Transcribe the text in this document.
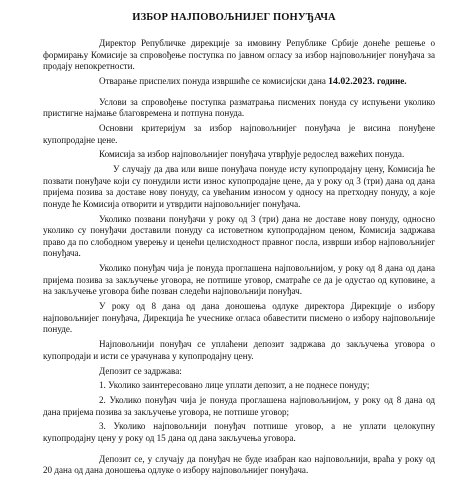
ИЗБОР НАЈПОВОЉНИЈЕГ ПОНУЂАЧА

Директор Републичке дирекције за имовину Републике Србије донеће решење о формирању Комисије за спровођење поступка по јавном огласу за избор најповољнијег понуђача за продају непокретности.

Отварање приспелих понуда извршиће се комисијски дана 14.02.2023. године.

Услови за спровођење поступка разматрања писмених понуда су испуњени уколико пристигне најмање благовремена и потпуна понуда.

Основни критеријум за избор најповољнијег понуђача је висина понуђене купопродајне цене.

Комисија за избор најповољнијег понуђача утврђује редослед важећих понуда.

У случају да два или више понуђача понуде исту купопродајну цену, Комисија ће позвати понуђаче који су понудили исти износ купопродајне цене, да у року од 3 (три) дана од дана пријема позива за доставе нову понуду, са увећаним износом у односу на претходну понуду, а које понуде ће Комисија отворити и утврдити најповољнијег понуђача.

Уколико позвани понуђачи у року од 3 (три) дана не доставе нову понуду, односно уколико су понуђачи доставили понуду са истоветном купопродајном ценом, Комисија задржава право да по слободном уверењу и ценећи целисходност правног посла, изврши избор најповољнијег понуђача.

Уколико понуђач чија је понуда проглашена најповољнијом, у року од 8 дана од дана пријема позива за закључење уговора, не потпише уговор, сматраће се да је одустао од куповине, а на закључење уговора биће позван следећи најповољнији понуђач.

У року од 8 дана од дана доношења одлуке директора Дирекције о избору најповољнијег понуђача, Дирекција ће учеснике огласа обавестити писмено о избору најповољније понуде.

Најповољнији понуђач се уплаћени депозит задржава до закључења уговора о купопродаји и исти се урачунава у купопродајну цену.

Депозит се задржава:

1. Уколико заинтересовано лице уплати депозит, а не поднесе понуду;

2. Уколико понуђач чија је понуда проглашена најповољнијом, у року од 8 дана од дана пријема позива за закључење уговора, не потпише уговор;

3. Уколико најповољнији понуђач потпише уговор, а не уплати целокупну купопродајну цену у року од 15 дана од дана закључења уговора.

Депозит се, у случају да понуђач не буде изабран као најповољнији, враћа у року од 20 дана од дана доношења одлуке о избору најповољнијег понуђача.
